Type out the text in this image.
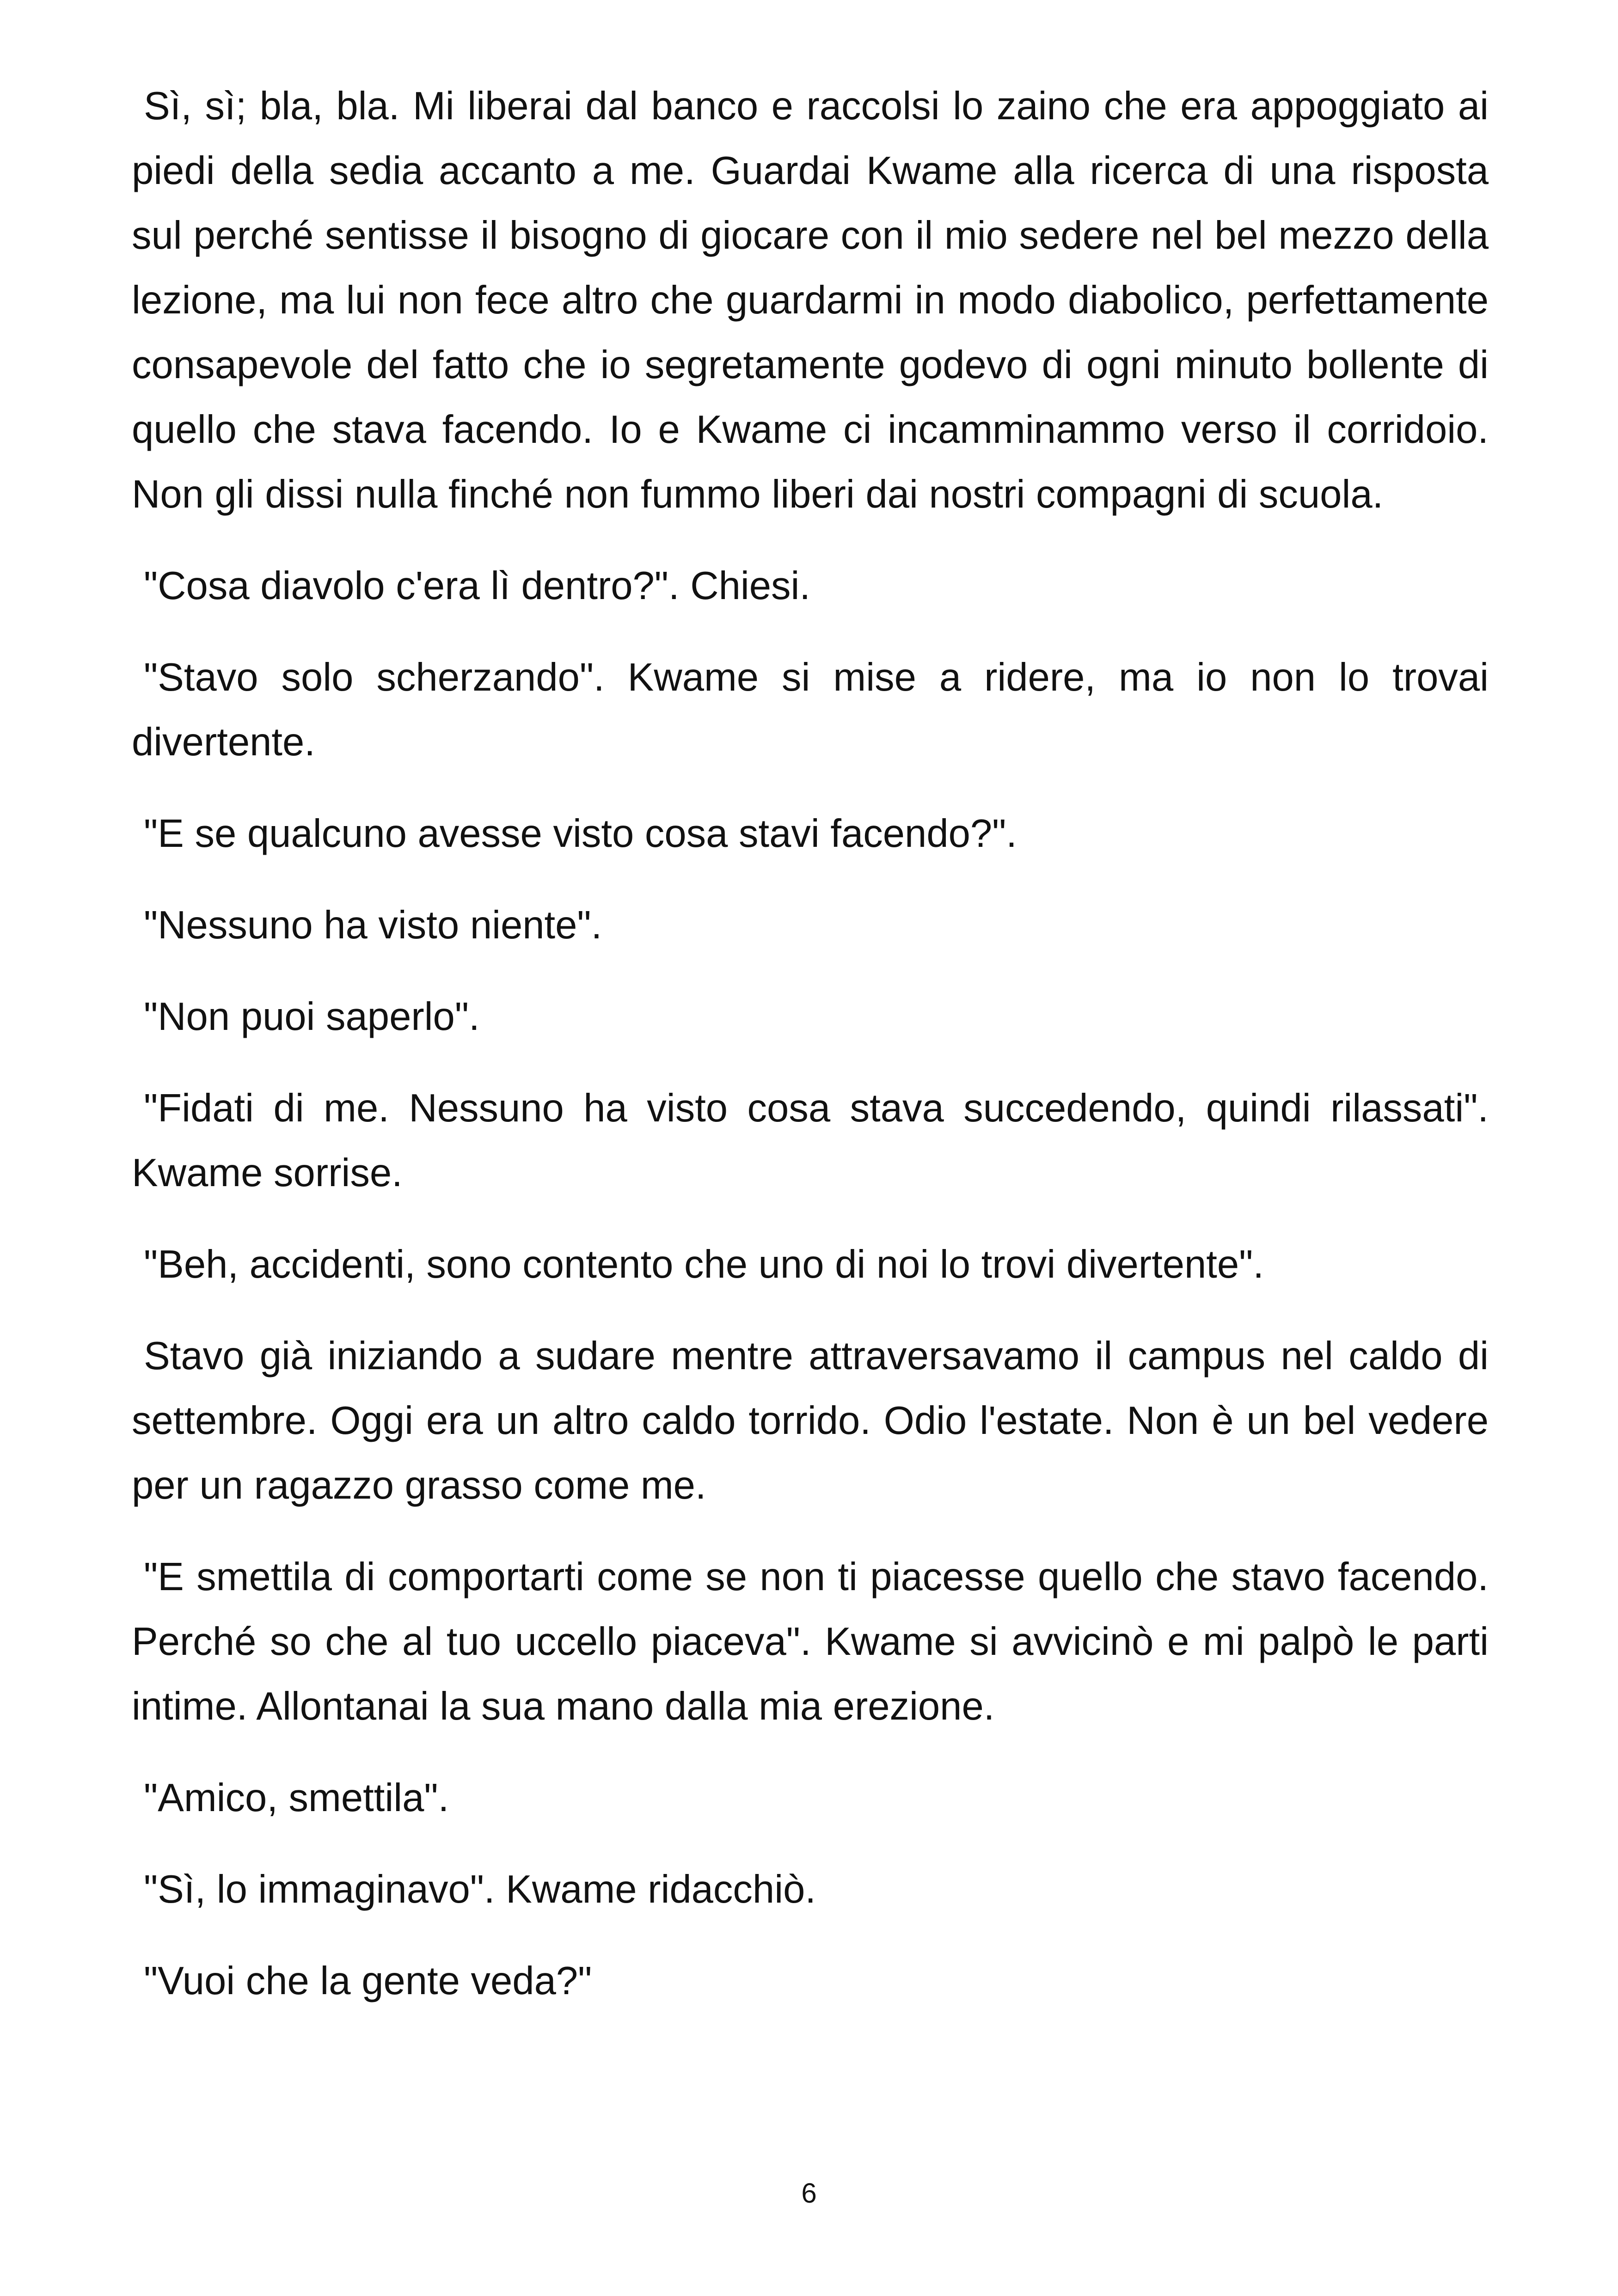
Sì, sì; bla, bla. Mi liberai dal banco e raccolsi lo zaino che era appoggiato ai piedi della sedia accanto a me. Guardai Kwame alla ricerca di una risposta sul perché sentisse il bisogno di giocare con il mio sedere nel bel mezzo della lezione, ma lui non fece altro che guardarmi in modo diabolico, perfettamente consapevole del fatto che io segretamente godevo di ogni minuto bollente di quello che stava facendo. Io e Kwame ci incamminammo verso il corridoio. Non gli dissi nulla finché non fummo liberi dai nostri compagni di scuola.

"Cosa diavolo c'era lì dentro?". Chiesi.

"Stavo solo scherzando". Kwame si mise a ridere, ma io non lo trovai divertente.

"E se qualcuno avesse visto cosa stavi facendo?".

"Nessuno ha visto niente".

"Non puoi saperlo".

"Fidati di me. Nessuno ha visto cosa stava succedendo, quindi rilassati". Kwame sorrise.

"Beh, accidenti, sono contento che uno di noi lo trovi divertente".

Stavo già iniziando a sudare mentre attraversavamo il campus nel caldo di settembre. Oggi era un altro caldo torrido. Odio l'estate. Non è un bel vedere per un ragazzo grasso come me.

"E smettila di comportarti come se non ti piacesse quello che stavo facendo. Perché so che al tuo uccello piaceva". Kwame si avvicinò e mi palpò le parti intime. Allontanai la sua mano dalla mia erezione.

"Amico, smettila".

"Sì, lo immaginavo". Kwame ridacchiò.

"Vuoi che la gente veda?"

6
